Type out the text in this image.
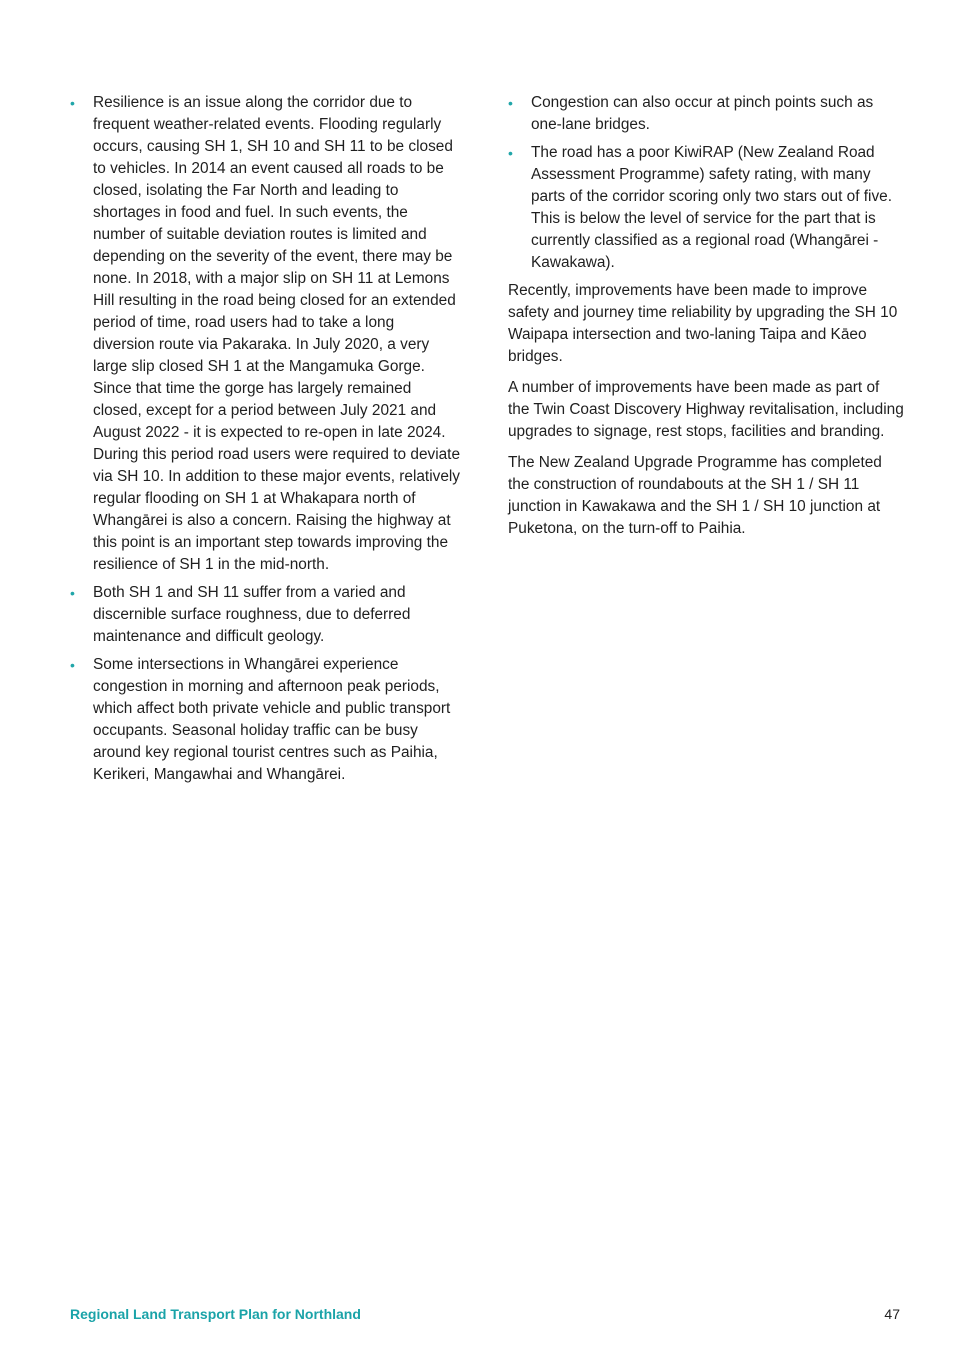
• Resilience is an issue along the corridor due to frequent weather-related events. Flooding regularly occurs, causing SH 1, SH 10 and SH 11 to be closed to vehicles. In 2014 an event caused all roads to be closed, isolating the Far North and leading to shortages in food and fuel. In such events, the number of suitable deviation routes is limited and depending on the severity of the event, there may be none. In 2018, with a major slip on SH 11 at Lemons Hill resulting in the road being closed for an extended period of time, road users had to take a long diversion route via Pakaraka. In July 2020, a very large slip closed SH 1 at the Mangamuka Gorge. Since that time the gorge has largely remained closed, except for a period between July 2021 and August 2022 - it is expected to re-open in late 2024. During this period road users were required to deviate via SH 10. In addition to these major events, relatively regular flooding on SH 1 at Whakapara north of Whangārei is also a concern. Raising the highway at this point is an important step towards improving the resilience of SH 1 in the mid-north.
• Both SH 1 and SH 11 suffer from a varied and discernible surface roughness, due to deferred maintenance and difficult geology.
• Some intersections in Whangārei experience congestion in morning and afternoon peak periods, which affect both private vehicle and public transport occupants. Seasonal holiday traffic can be busy around key regional tourist centres such as Paihia, Kerikeri, Mangawhai and Whangārei.
• Congestion can also occur at pinch points such as one-lane bridges.
• The road has a poor KiwiRAP (New Zealand Road Assessment Programme) safety rating, with many parts of the corridor scoring only two stars out of five. This is below the level of service for the part that is currently classified as a regional road (Whangārei - Kawakawa).

Recently, improvements have been made to improve safety and journey time reliability by upgrading the SH 10 Waipapa intersection and two-laning Taipa and Kāeo bridges.

A number of improvements have been made as part of the Twin Coast Discovery Highway revitalisation, including upgrades to signage, rest stops, facilities and branding.

The New Zealand Upgrade Programme has completed the construction of roundabouts at the SH 1 / SH 11 junction in Kawakawa and the SH 1 / SH 10 junction at Puketona, on the turn-off to Paihia.

Regional Land Transport Plan for Northland	47
